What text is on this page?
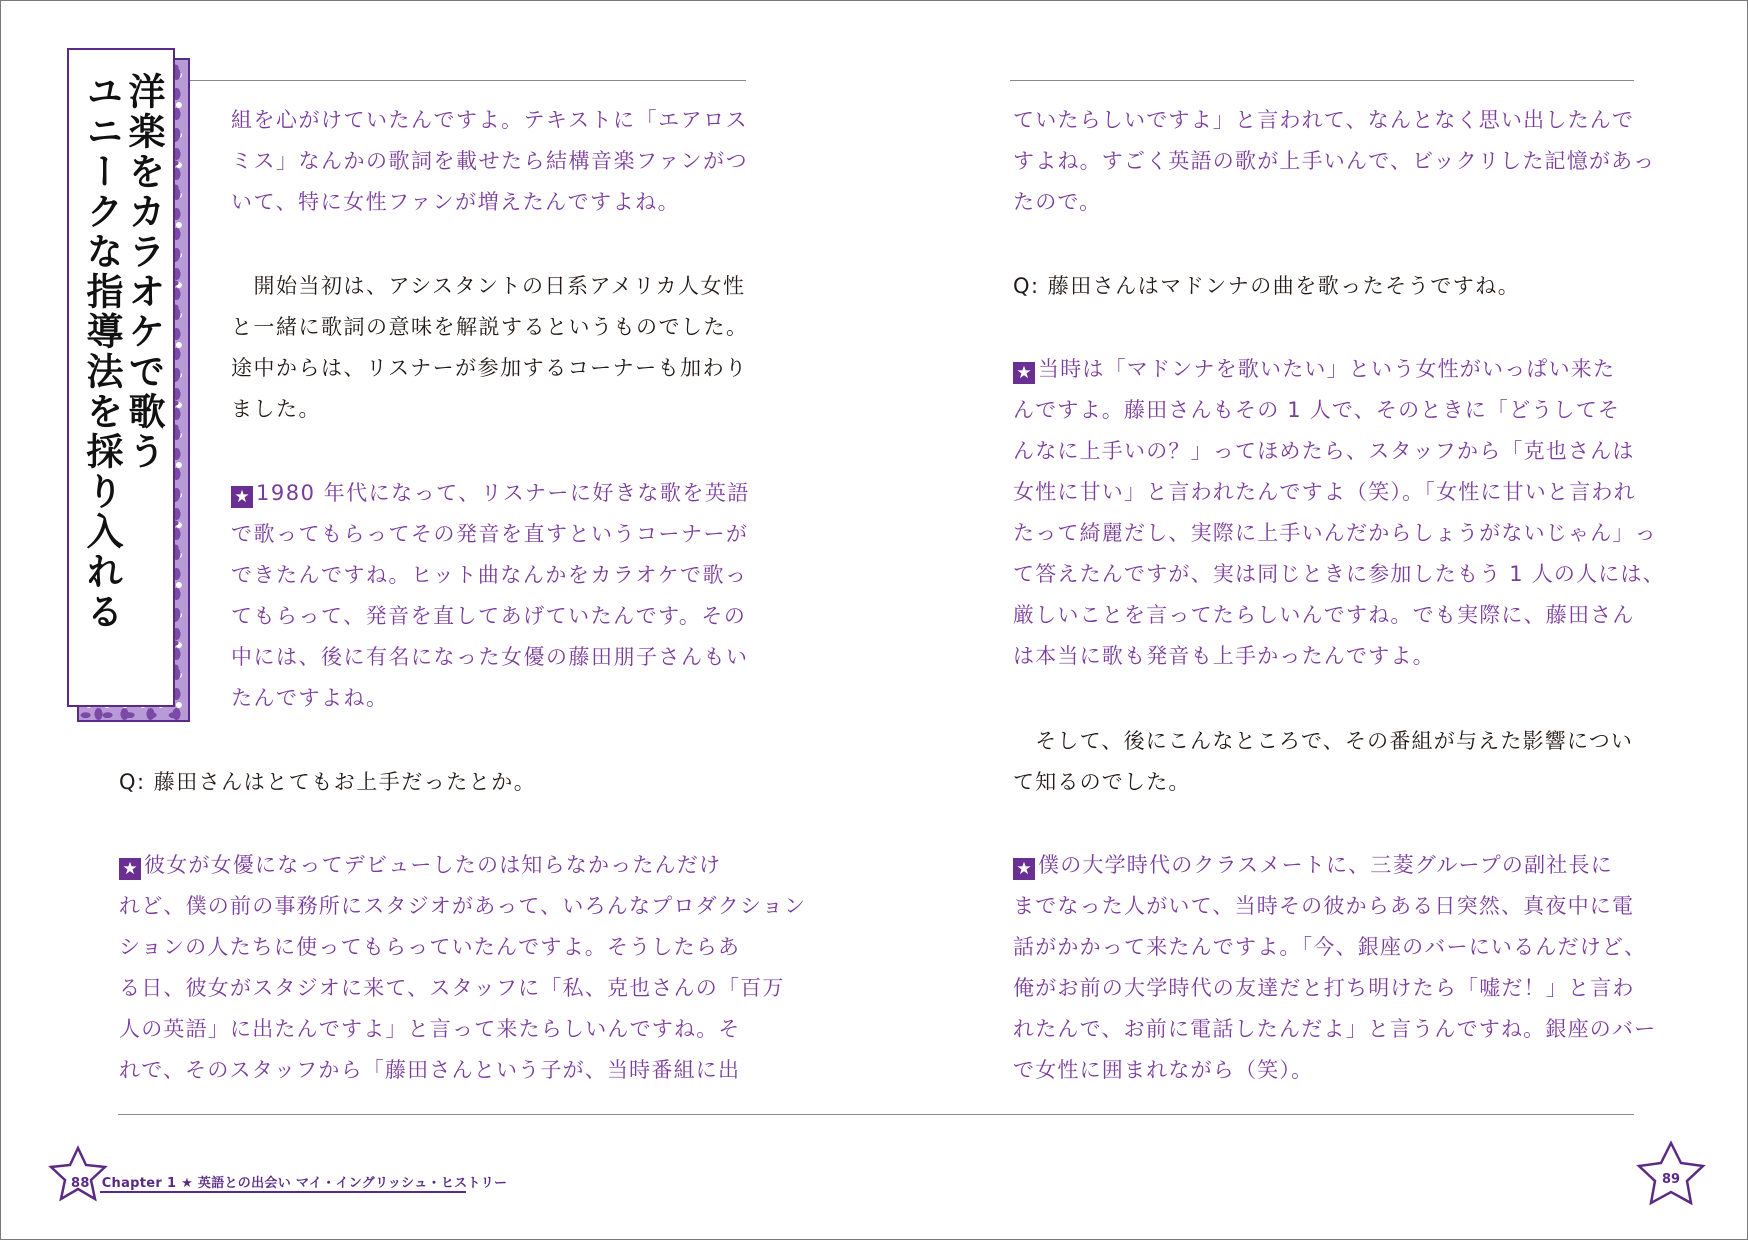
洋楽をカラオケで歌う

ユニークな指導法を採り入れる	組を心がけていたんですよ。テキストに「エアロス
ミス」なんかの歌詞を載せたら結構音楽ファンがつ
いて、特に女性ファンが増えたんですよね。
　開始当初は、アシスタントの日系アメリカ人女性
と一緒に歌詞の意味を解説するというものでした。
途中からは、リスナーが参加するコーナーも加わり
ました。
★ 1980 年代になって、リスナーに好きな歌を英語
で歌ってもらってその発音を直すというコーナーが
できたんですね。ヒット曲なんかをカラオケで歌っ
てもらって、発音を直してあげていたんです。その
中には、後に有名になった女優の藤田朋子さんもい
たんですよね。
Q: 藤田さんはとてもお上手だったとか。
★ 彼女が女優になってデビューしたのは知らなかったんだけ
れど、僕の前の事務所にスタジオがあって、いろんなプロダクション
ションの人たちに使ってもらっていたんですよ。そうしたらあ
る日、彼女がスタジオに来て、スタッフに「私、克也さんの「百万
人の英語」に出たんですよ」と言って来たらしいんですね。そ
れで、そのスタッフから「藤田さんという子が、当時番組に出
ていたらしいですよ」と言われて、なんとなく思い出したんで
すよね。すごく英語の歌が上手いんで、ビックリした記憶があっ
たので。
Q: 藤田さんはマドンナの曲を歌ったそうですね。
★ 当時は「マドンナを歌いたい」という女性がいっぱい来た
んですよ。藤田さんもその 1 人で、そのときに「どうしてそ
んなに上手いの？」ってほめたら、スタッフから「克也さんは
女性に甘い」と言われたんですよ（笑）。「女性に甘いと言われ
たって綺麗だし、実際に上手いんだからしょうがないじゃん」っ
て答えたんですが、実は同じときに参加したもう 1 人の人には、
厳しいことを言ってたらしいんですね。でも実際に、藤田さん
は本当に歌も発音も上手かったんですよ。
　そして、後にこんなところで、その番組が与えた影響につい
て知るのでした。
★ 僕の大学時代のクラスメートに、三菱グループの副社長に
までなった人がいて、当時その彼からある日突然、真夜中に電
話がかかって来たんですよ。「今、銀座のバーにいるんだけど、
俺がお前の大学時代の友達だと打ち明けたら「嘘だ！」と言わ
れたんで、お前に電話したんだよ」と言うんですね。銀座のバー
で女性に囲まれながら（笑）。

88 Chapter 1 ★ 英語との出会い マイ・イングリッシュ・ヒストリー	89
